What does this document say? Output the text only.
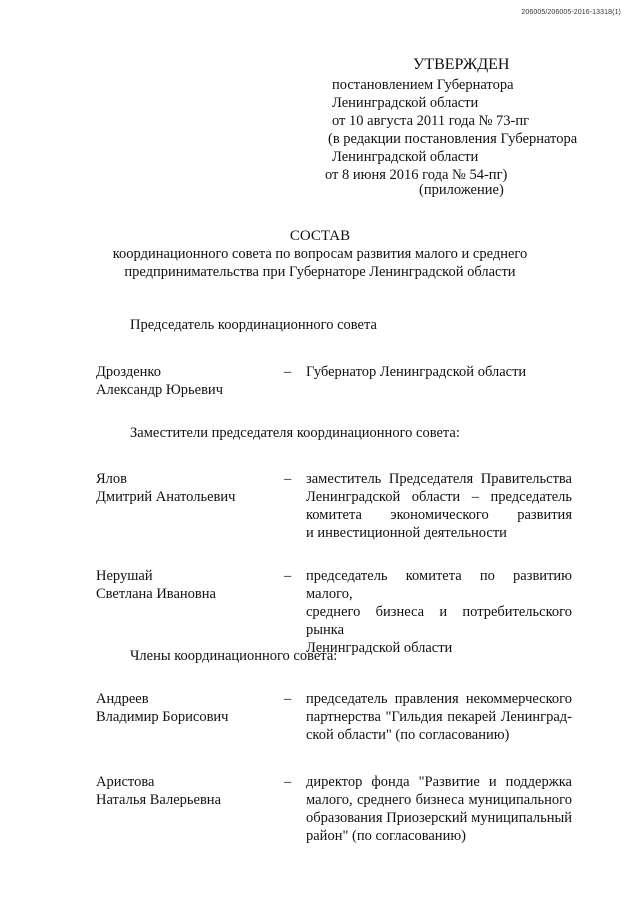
206005/206005-2016-13318(1)
УТВЕРЖДЕН
постановлением Губернатора
Ленинградской области
от 10 августа 2011 года № 73-пг
(в редакции постановления Губернатора
Ленинградской области
от 8 июня 2016 года № 54-пг)
(приложение)
СОСТАВ
координационного совета по вопросам развития малого и среднего
предпринимательства при Губернаторе Ленинградской области
Председатель координационного совета
Дрозденко
Александр Юрьевич
– Губернатор Ленинградской области
Заместители председателя координационного совета:
Ялов
Дмитрий Анатольевич
– заместитель Председателя Правительства
Ленинградской области – председатель
комитета экономического развития
и инвестиционной деятельности
Нерушай
Светлана Ивановна
– председатель комитета по развитию малого,
среднего бизнеса и потребительского рынка
Ленинградской области
Члены координационного совета:
Андреев
Владимир Борисович
– председатель правления некоммерческого
партнерства "Гильдия пекарей Ленинград-
ской области" (по согласованию)
Аристова
Наталья Валерьевна
– директор фонда "Развитие и поддержка
малого, среднего бизнеса муниципального
образования Приозерский муниципальный
район" (по согласованию)
